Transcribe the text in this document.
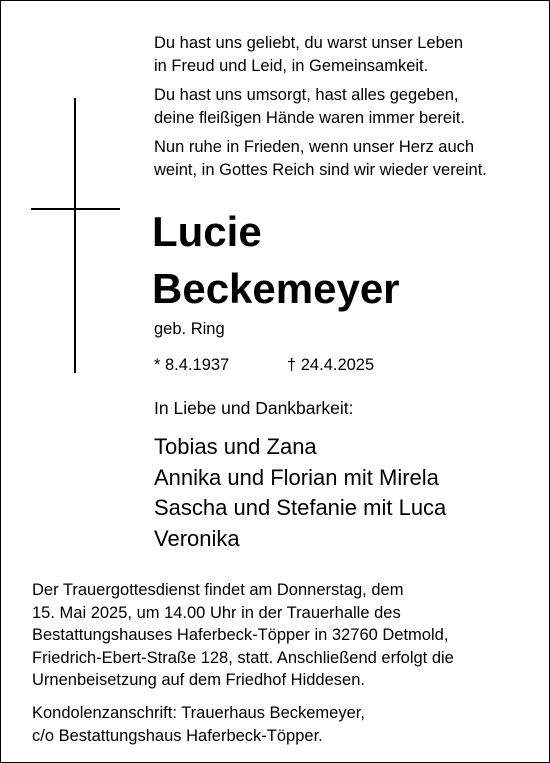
Du hast uns geliebt, du warst unser Leben
in Freud und Leid, in Gemeinsamkeit.
Du hast uns umsorgt, hast alles gegeben,
deine fleißigen Hände waren immer bereit.
Nun ruhe in Frieden, wenn unser Herz auch
weint, in Gottes Reich sind wir wieder vereint.
Lucie
Beckemeyer
geb. Ring
* 8.4.1937	† 24.4.2025
In Liebe und Dankbarkeit:
Tobias und Zana
Annika und Florian mit Mirela
Sascha und Stefanie mit Luca
Veronika
Der Trauergottesdienst findet am Donnerstag, dem
15. Mai 2025, um 14.00 Uhr in der Trauerhalle des
Bestattungshauses Haferbeck-Töpper in 32760 Detmold,
Friedrich-Ebert-Straße 128, statt. Anschließend erfolgt die
Urnenbeisetzung auf dem Friedhof Hiddesen.
Kondolenzanschrift: Trauerhaus Beckemeyer,
c/o Bestattungshaus Haferbeck-Töpper.
